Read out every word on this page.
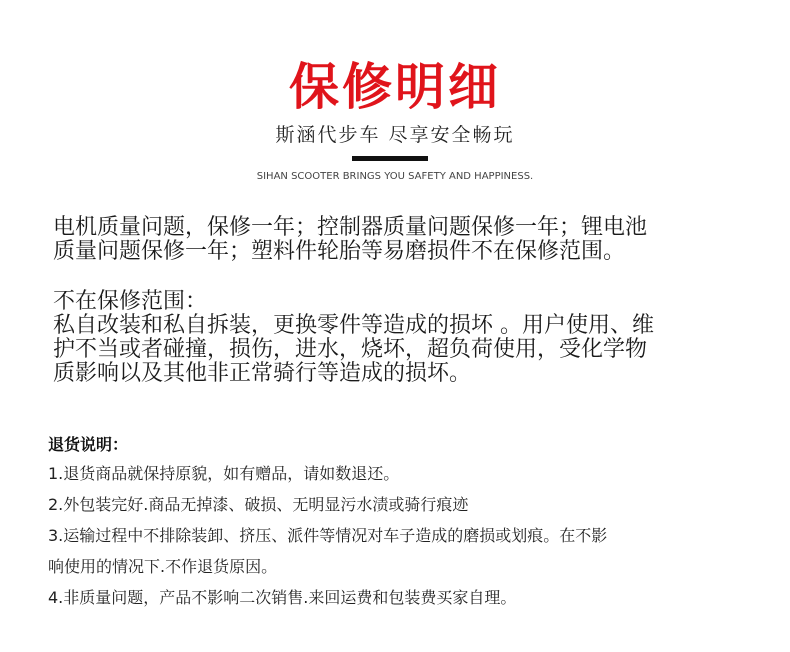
保修明细
斯涵代步车 尽享安全畅玩
SIHAN SCOOTER BRINGS YOU SAFETY AND HAPPINESS.
电机质量问题，保修一年；控制器质量问题保修一年；锂电池
质量问题保修一年；塑料件轮胎等易磨损件不在保修范围。
不在保修范围：
私自改装和私自拆装，更换零件等造成的损坏 。用户使用、维
护不当或者碰撞，损伤，进水，烧坏，超负荷使用，受化学物
质影响以及其他非正常骑行等造成的损坏。
退货说明：
1.退货商品就保持原貌，如有赠品，请如数退还。
2.外包装完好.商品无掉漆、破损、无明显污水渍或骑行痕迹
3.运输过程中不排除装卸、挤压、派件等情况对车子造成的磨损或划痕。在不影
响使用的情况下.不作退货原因。
4.非质量问题，产品不影响二次销售.来回运费和包装费买家自理。
